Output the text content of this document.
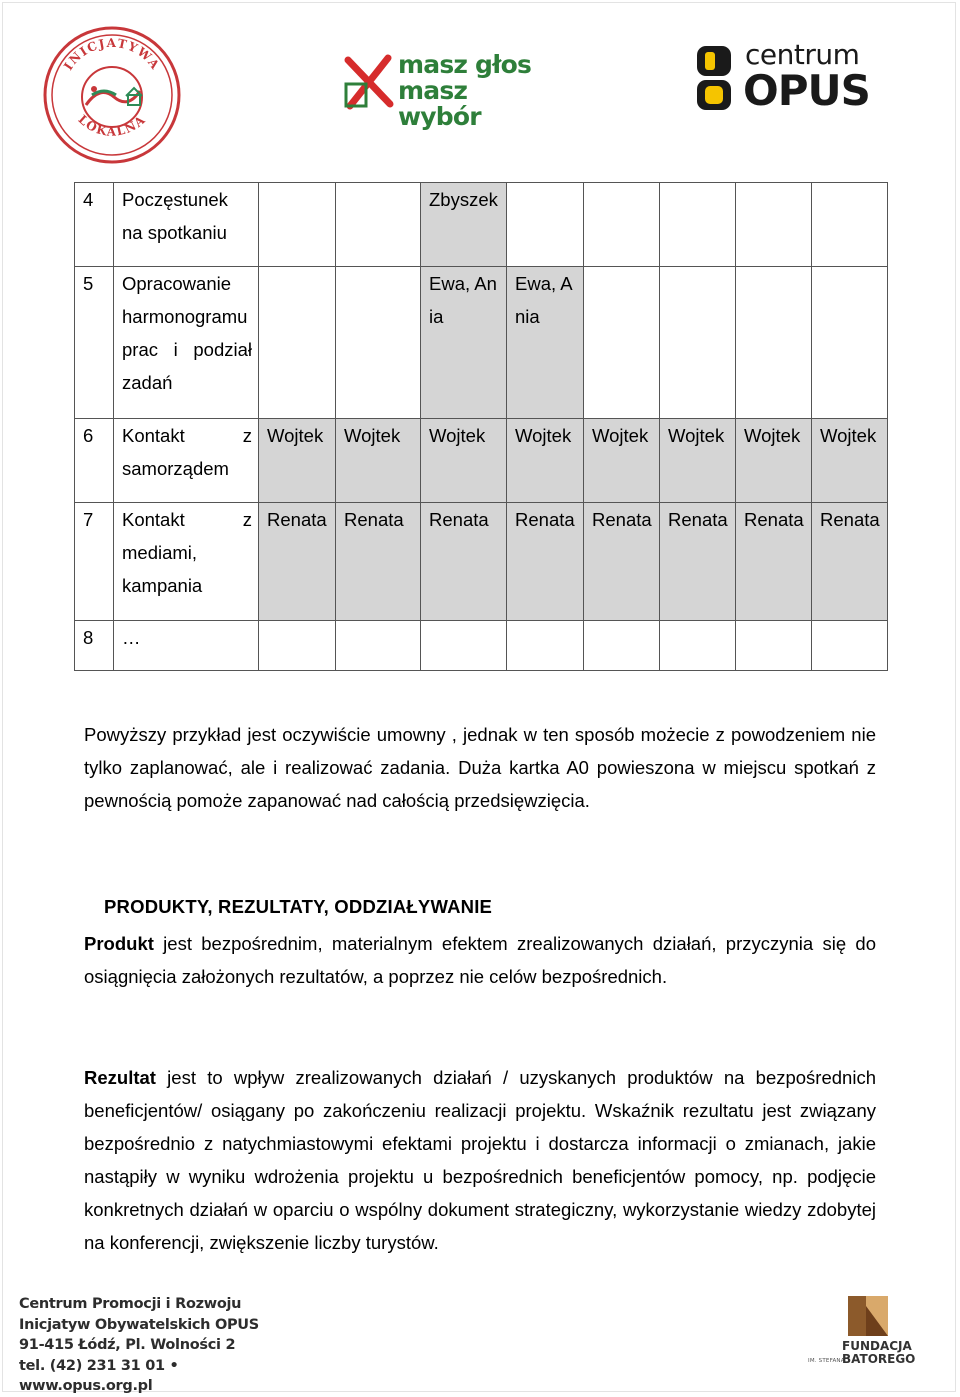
INICJATYWA
LOKALNA
masz głos
masz wybór
centrum
OPUS
4	Poczęstunek na spotkaniu			Zbyszek					
5	Opracowanie harmonogramu prac i podział zadań			Ewa, Ania	Ewa, Ania				
6	Kontakt z samorządem	Wojtek	Wojtek	Wojtek	Wojtek	Wojtek	Wojtek	Wojtek	Wojtek
7	Kontakt z mediami, kampania	Renata	Renata	Renata	Renata	Renata	Renata	Renata	Renata
8	…								

Powyższy przykład jest oczywiście umowny , jednak w ten sposób możecie z powodzeniem nie tylko zaplanować, ale i realizować zadania. Duża kartka A0 powieszona w miejscu spotkań z pewnością pomoże zapanować nad całością przedsięwzięcia.

PRODUKTY, REZULTATY, ODDZIAŁYWANIE

Produkt jest bezpośrednim, materialnym efektem zrealizowanych działań, przyczynia się do osiągnięcia założonych rezultatów, a poprzez nie celów bezpośrednich.

Rezultat jest to wpływ zrealizowanych działań / uzyskanych produktów na bezpośrednich beneficjentów/ osiągany po zakończeniu realizacji projektu. Wskaźnik rezultatu jest związany bezpośrednio z natychmiastowymi efektami projektu i dostarcza informacji o zmianach, jakie nastąpiły w wyniku wdrożenia projektu u bezpośrednich beneficjentów pomocy, np. podjęcie konkretnych działań w oparciu o wspólny dokument strategiczny, wykorzystanie wiedzy zdobytej na konferencji, zwiększenie liczby turystów.

Centrum Promocji i Rozwoju
Inicjatyw Obywatelskich OPUS
91-415 Łódź, Pl. Wolności 2
tel. (42) 231 31 01 • www.opus.org.pl
IM. STEFANA
FUNDACJA
BATOREGO
